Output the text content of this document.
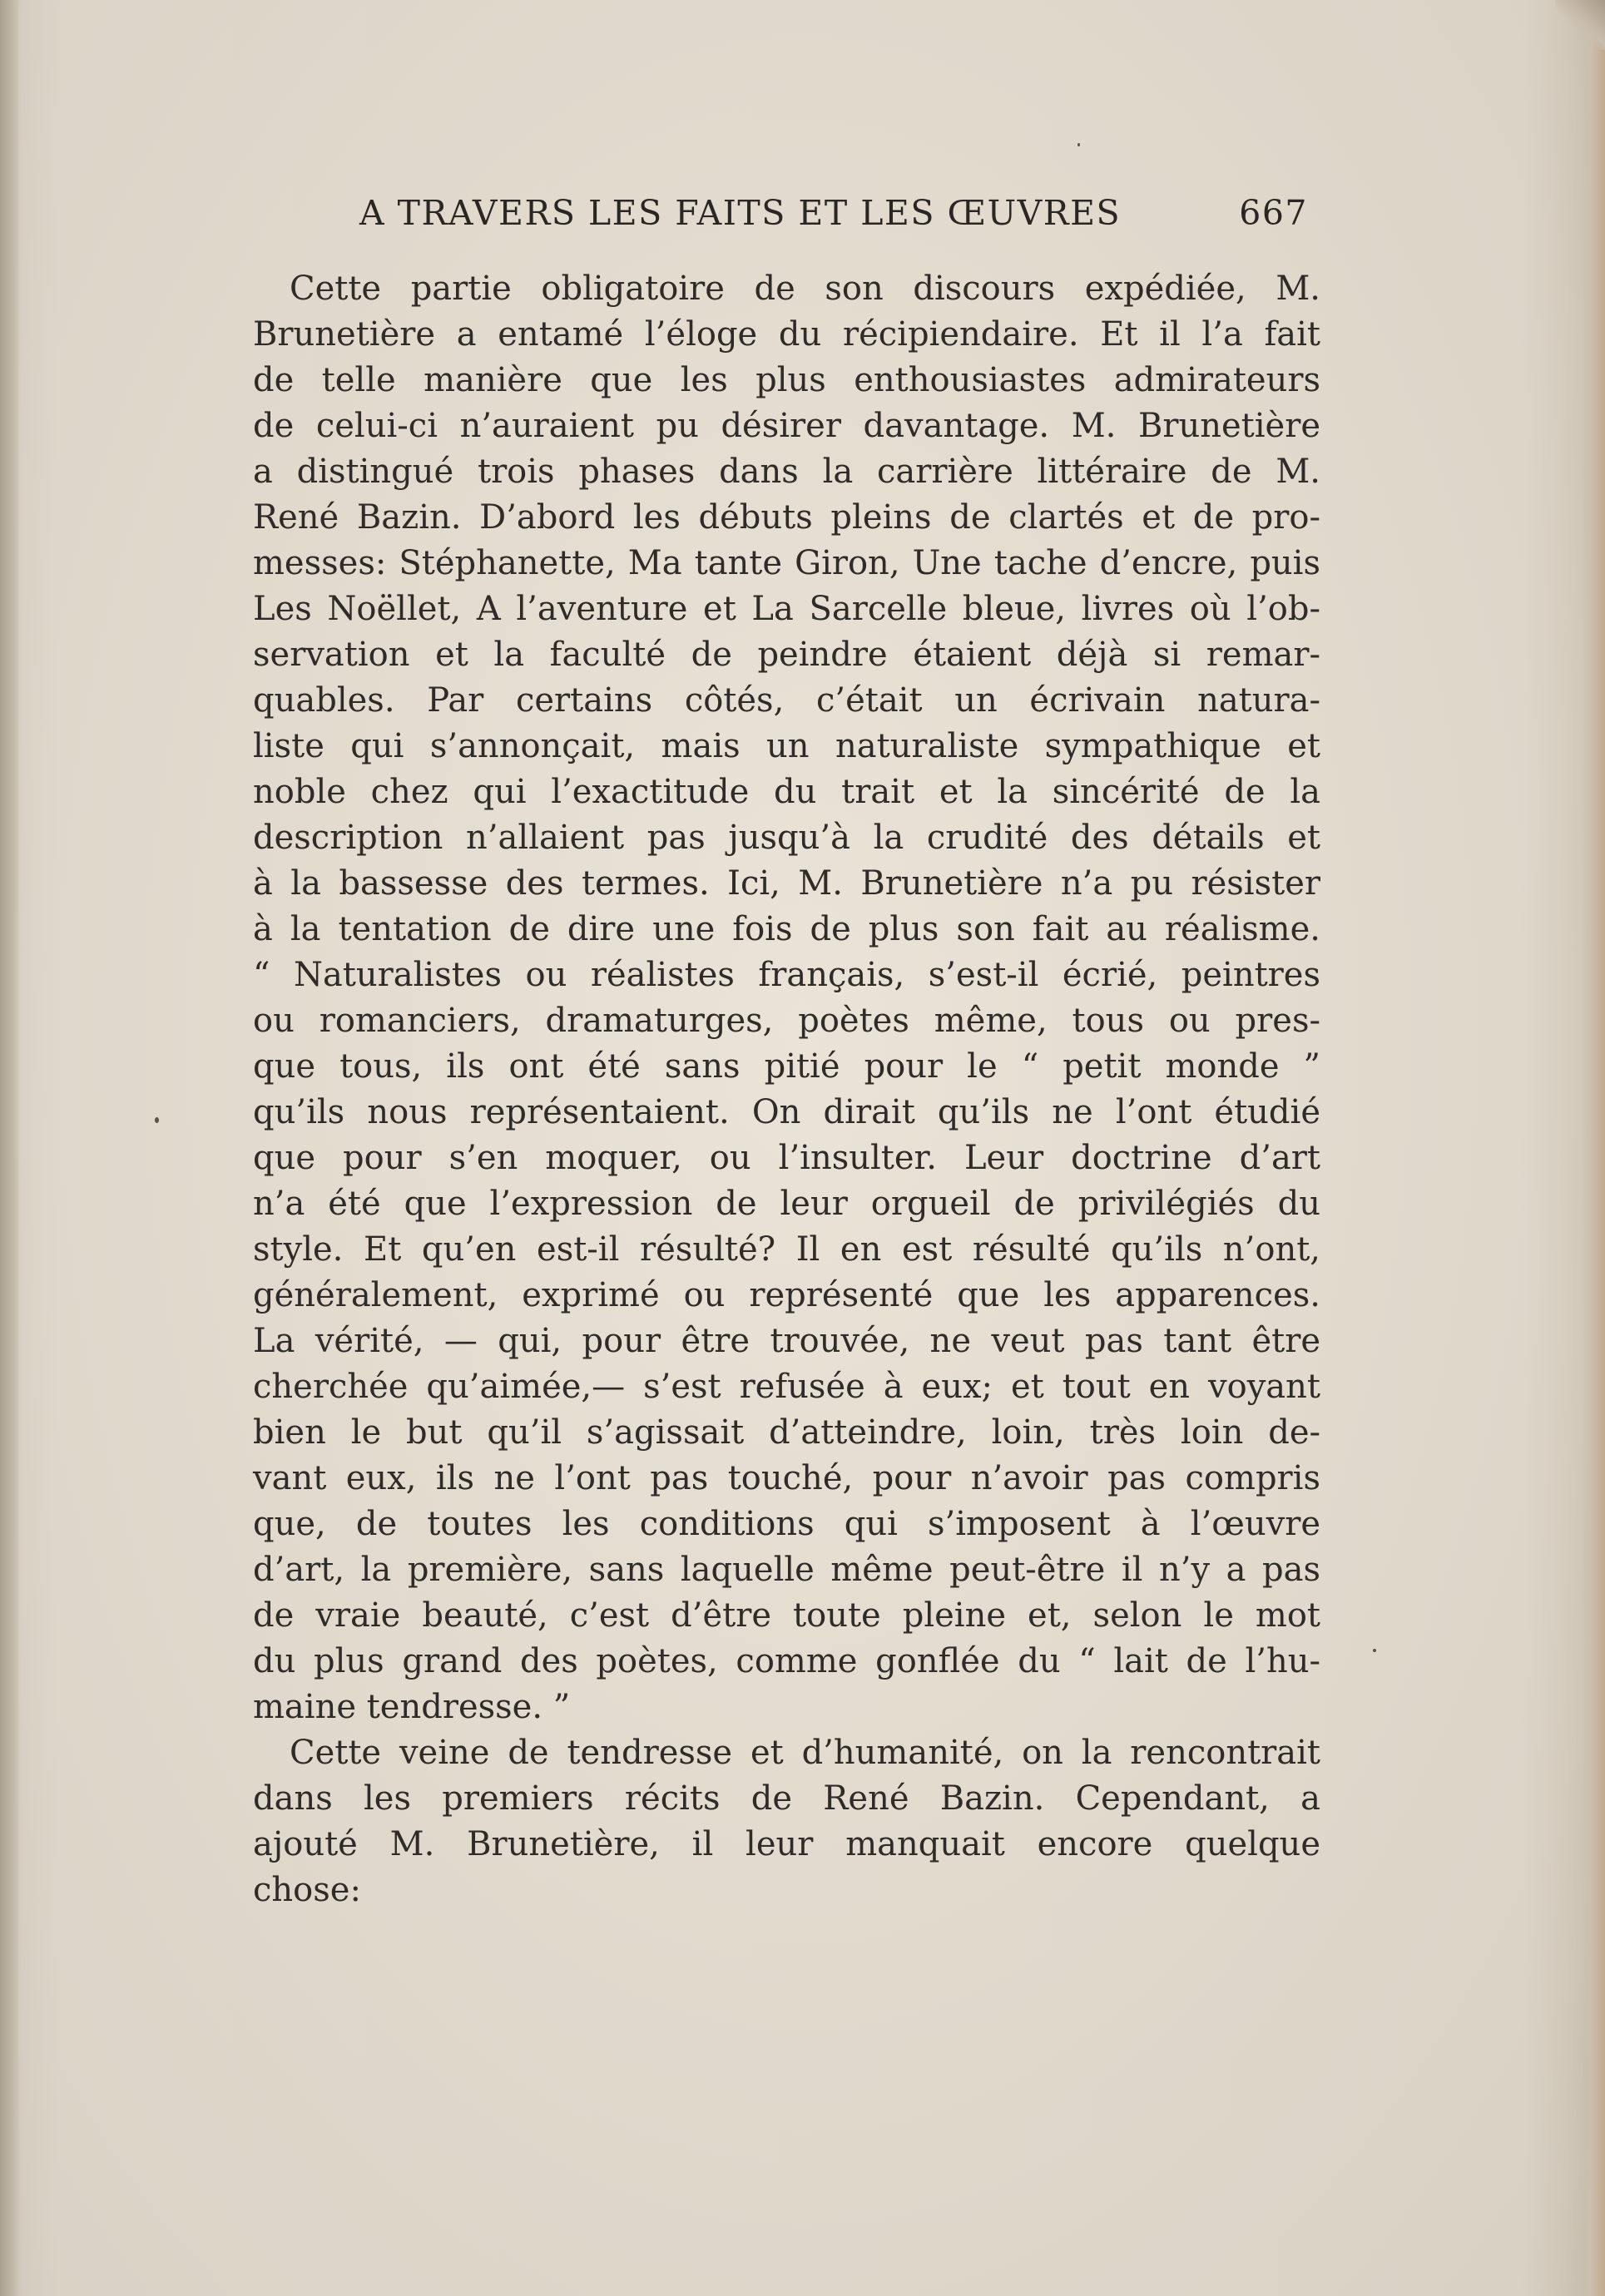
A TRAVERS LES FAITS ET LES ŒUVRES	667
Cette partie obligatoire de son discours expédiée, M.
Brunetière a entamé l’éloge du récipiendaire. Et il l’a fait
de telle manière que les plus enthousiastes admirateurs
de celui-ci n’auraient pu désirer davantage. M. Brunetière
a distingué trois phases dans la carrière littéraire de M.
René Bazin. D’abord les débuts pleins de clartés et de pro-
messes: Stéphanette, Ma tante Giron, Une tache d’encre, puis
Les Noëllet, A l’aventure et La Sarcelle bleue, livres où l’ob-
servation et la faculté de peindre étaient déjà si remar-
quables. Par certains côtés, c’était un écrivain natura-
liste qui s’annonçait, mais un naturaliste sympathique et
noble chez qui l’exactitude du trait et la sincérité de la
description n’allaient pas jusqu’à la crudité des détails et
à la bassesse des termes. Ici, M. Brunetière n’a pu résister
à la tentation de dire une fois de plus son fait au réalisme.
“ Naturalistes ou réalistes français, s’est-il écrié, peintres
ou romanciers, dramaturges, poètes même, tous ou pres-
que tous, ils ont été sans pitié pour le “ petit monde ”
qu’ils nous représentaient. On dirait qu’ils ne l’ont étudié
que pour s’en moquer, ou l’insulter. Leur doctrine d’art
n’a été que l’expression de leur orgueil de privilégiés du
style. Et qu’en est-il résulté? Il en est résulté qu’ils n’ont,
généralement, exprimé ou représenté que les apparences.
La vérité, — qui, pour être trouvée, ne veut pas tant être
cherchée qu’aimée,— s’est refusée à eux; et tout en voyant
bien le but qu’il s’agissait d’atteindre, loin, très loin de-
vant eux, ils ne l’ont pas touché, pour n’avoir pas compris
que, de toutes les conditions qui s’imposent à l’œuvre
d’art, la première, sans laquelle même peut-être il n’y a pas
de vraie beauté, c’est d’être toute pleine et, selon le mot
du plus grand des poètes, comme gonflée du “ lait de l’hu-
maine tendresse. ”
Cette veine de tendresse et d’humanité, on la rencontrait
dans les premiers récits de René Bazin. Cependant, a
ajouté M. Brunetière, il leur manquait encore quelque
chose:
